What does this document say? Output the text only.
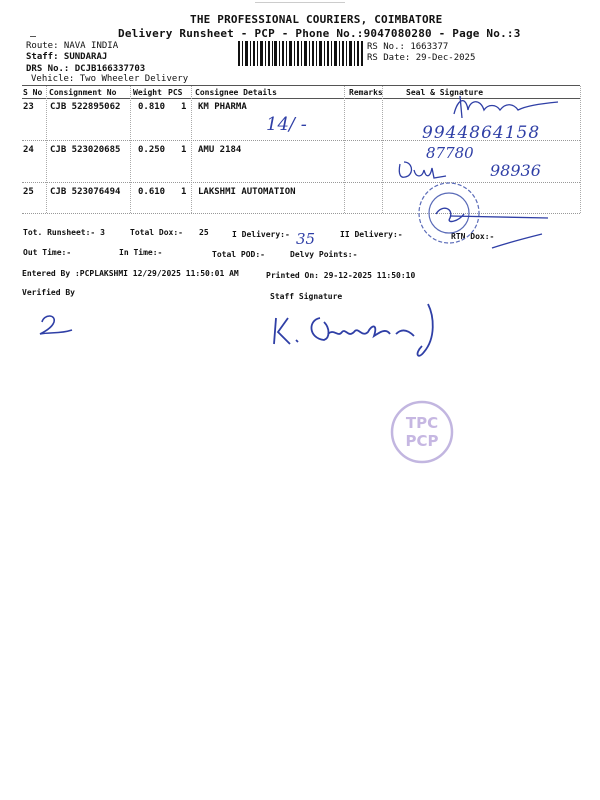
THE PROFESSIONAL COURIERS, COIMBATORE
Delivery Runsheet - PCP - Phone No.:9047080280 - Page No.:3
Route: NAVA INDIA
Staff: SUNDARAJ
DRS No.: DCJB166337703
Vehicle: Two Wheeler Delivery
RS No.: 1663377
RS Date: 29-Dec-2025
S No Consignment No Weight PCS Consignee Details	Remarks	Seal & Signature
23 CJB 522895062 0.810 1 KM PHARMA
24 CJB 523020685 0.250 1 AMU 2184
25 CJB 523076494 0.610 1 LAKSHMI AUTOMATION
Tot. Runsheet:- 3	Total Dox:- 25	I Delivery:-	II Delivery:-	RTN Dox:-
Out Time:-	In Time:-	Total POD:-	Delvy Points:-
Entered By :PCPLAKSHMI 12/29/2025 11:50:01 AM	Printed On: 29-12-2025 11:50:10
Verified By	Staff Signature
14/ -	9944864158
87780
98936
35
TPC
PCP
